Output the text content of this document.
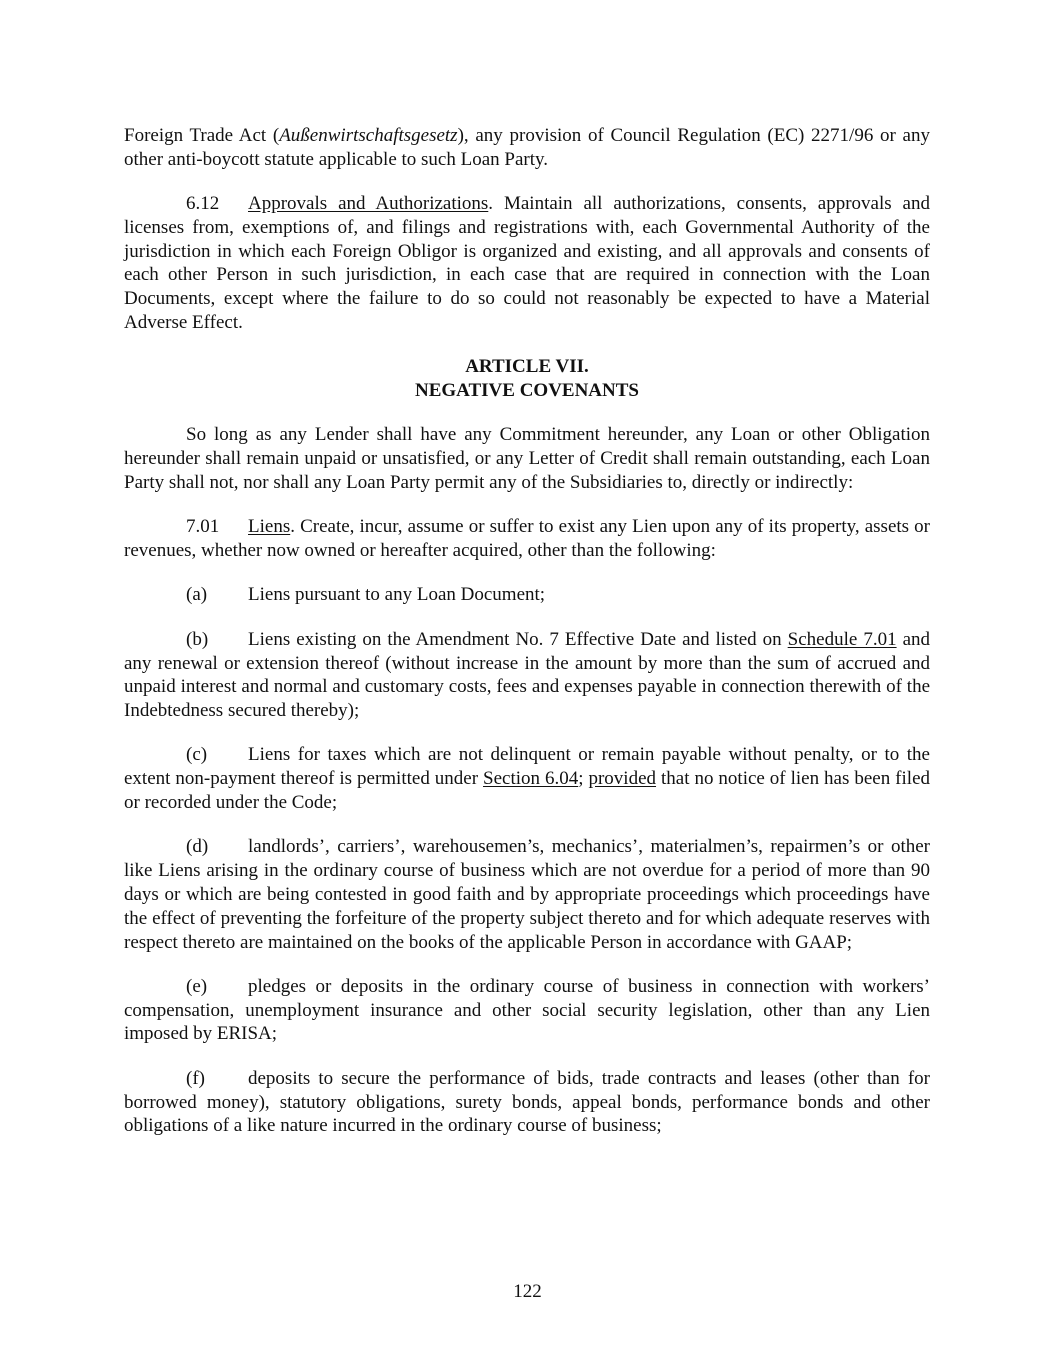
Foreign Trade Act (Außenwirtschaftsgesetz), any provision of Council Regulation (EC) 2271/96 or any other anti-boycott statute applicable to such Loan Party.

6.12 Approvals and Authorizations. Maintain all authorizations, consents, approvals and licenses from, exemptions of, and filings and registrations with, each Governmental Authority of the jurisdiction in which each Foreign Obligor is organized and existing, and all approvals and consents of each other Person in such jurisdiction, in each case that are required in connection with the Loan Documents, except where the failure to do so could not reasonably be expected to have a Material Adverse Effect.

ARTICLE VII.
NEGATIVE COVENANTS

So long as any Lender shall have any Commitment hereunder, any Loan or other Obligation hereunder shall remain unpaid or unsatisfied, or any Letter of Credit shall remain outstanding, each Loan Party shall not, nor shall any Loan Party permit any of the Subsidiaries to, directly or indirectly:

7.01 Liens. Create, incur, assume or suffer to exist any Lien upon any of its property, assets or revenues, whether now owned or hereafter acquired, other than the following:

(a) Liens pursuant to any Loan Document;

(b) Liens existing on the Amendment No. 7 Effective Date and listed on Schedule 7.01 and any renewal or extension thereof (without increase in the amount by more than the sum of accrued and unpaid interest and normal and customary costs, fees and expenses payable in connection therewith of the Indebtedness secured thereby);

(c) Liens for taxes which are not delinquent or remain payable without penalty, or to the extent non-payment thereof is permitted under Section 6.04; provided that no notice of lien has been filed or recorded under the Code;

(d) landlords’, carriers’, warehousemen’s, mechanics’, materialmen’s, repairmen’s or other like Liens arising in the ordinary course of business which are not overdue for a period of more than 90 days or which are being contested in good faith and by appropriate proceedings which proceedings have the effect of preventing the forfeiture of the property subject thereto and for which adequate reserves with respect thereto are maintained on the books of the applicable Person in accordance with GAAP;

(e) pledges or deposits in the ordinary course of business in connection with workers’ compensation, unemployment insurance and other social security legislation, other than any Lien imposed by ERISA;

(f) deposits to secure the performance of bids, trade contracts and leases (other than for borrowed money), statutory obligations, surety bonds, appeal bonds, performance bonds and other obligations of a like nature incurred in the ordinary course of business;

122
